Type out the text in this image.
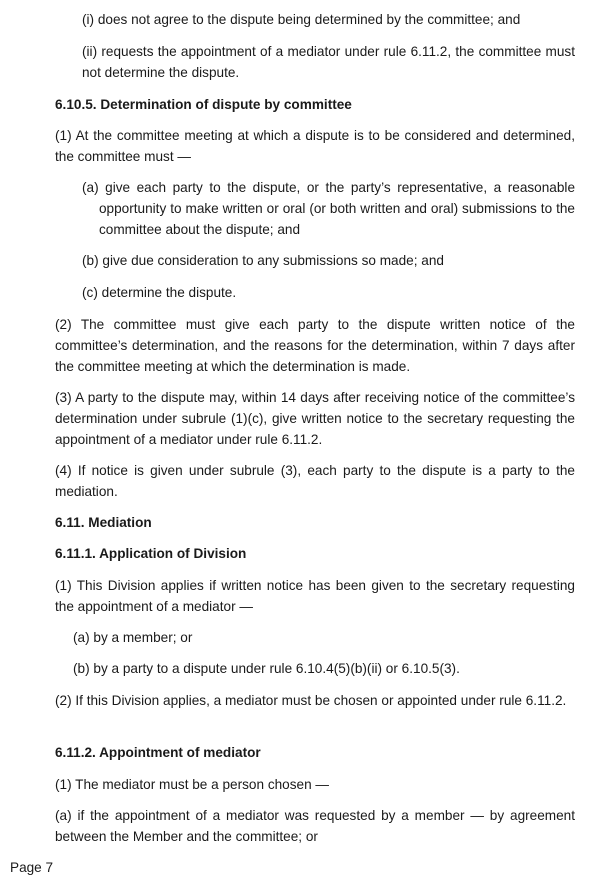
(i) does not agree to the dispute being determined by the committee; and

(ii) requests the appointment of a mediator under rule 6.11.2, the committee must not determine the dispute.

6.10.5. Determination of dispute by committee

(1) At the committee meeting at which a dispute is to be considered and determined, the committee must —

(a) give each party to the dispute, or the party’s representative, a reasonable opportunity to make written or oral (or both written and oral) submissions to the committee about the dispute; and

(b) give due consideration to any submissions so made; and

(c) determine the dispute.

(2) The committee must give each party to the dispute written notice of the committee’s determination, and the reasons for the determination, within 7 days after the committee meeting at which the determination is made.

(3) A party to the dispute may, within 14 days after receiving notice of the committee’s determination under subrule (1)(c), give written notice to the secretary requesting the appointment of a mediator under rule 6.11.2.

(4) If notice is given under subrule (3), each party to the dispute is a party to the mediation.

6.11. Mediation

6.11.1. Application of Division

(1) This Division applies if written notice has been given to the secretary requesting the appointment of a mediator —

(a) by a member; or

(b) by a party to a dispute under rule 6.10.4(5)(b)(ii) or 6.10.5(3).

(2) If this Division applies, a mediator must be chosen or appointed under rule 6.11.2.

6.11.2. Appointment of mediator

(1) The mediator must be a person chosen —

(a) if the appointment of a mediator was requested by a member — by agreement between the Member and the committee; or

Page 7
